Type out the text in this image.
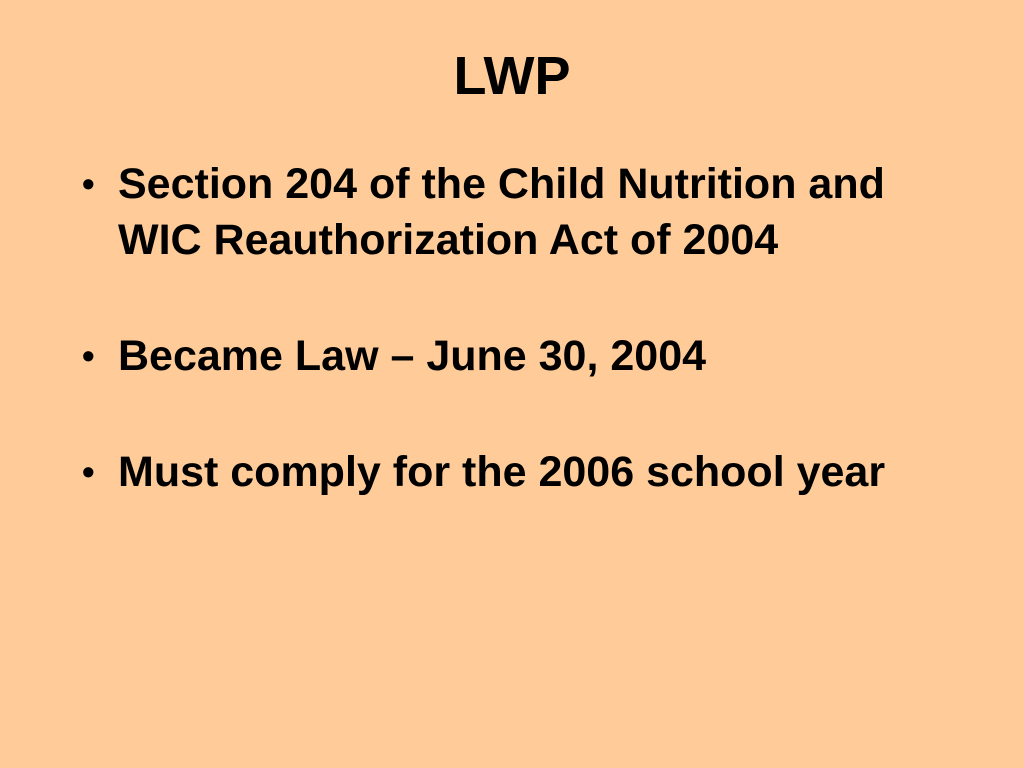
LWP
• Section 204 of the Child Nutrition and WIC Reauthorization Act of 2004
• Became Law – June 30, 2004
• Must comply for the 2006 school year
